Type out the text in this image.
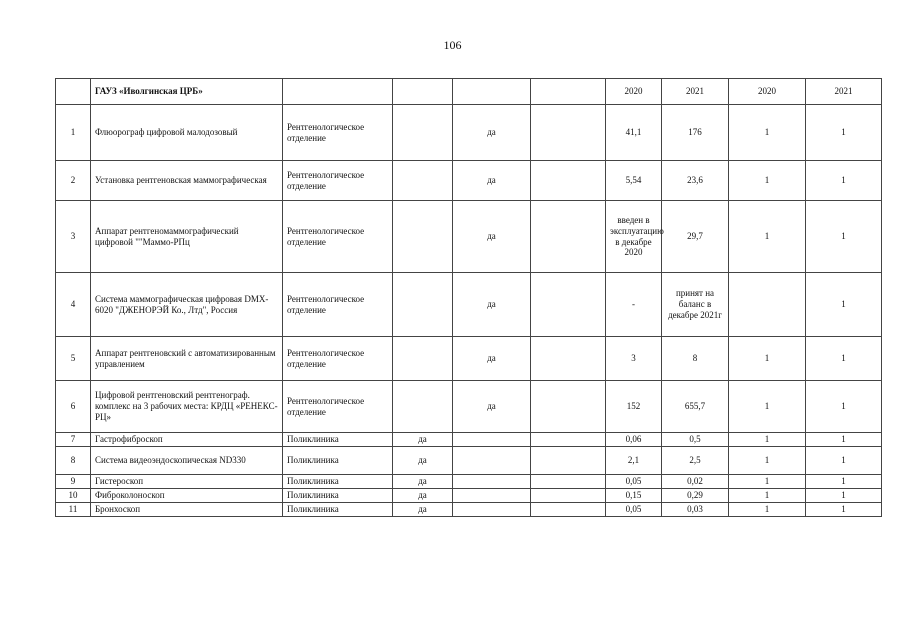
106
	ГАУЗ «Иволгинская ЦРБ»					2020	2021	2020	2021
1	Флюорограф цифровой малодозовый	Рентгенологическое отделение		да		41,1	176	1	1
2	Установка рентгеновская маммографическая	Рентгенологическое отделение		да		5,54	23,6	1	1
3	Аппарат рентгеномаммографический цифровой ""Маммо-РПц	Рентгенологическое отделение		да		введен в эксплуатацию в декабре 2020	29,7	1	1
4	Система маммографическая цифровая DMX-6020 "ДЖЕНОРЭЙ Ко., Лтд", Россия	Рентгенологическое отделение		да		-	принят на баланс в декабре 2021г		1
5	Аппарат рентгеновский с автоматизированным управлением	Рентгенологическое отделение		да		3	8	1	1
6	Цифровой рентгеновский рентгенограф. комплекс на 3 рабочих места: КРДЦ «РЕНЕКС-РЦ»	Рентгенологическое отделение		да		152	655,7	1	1
7	Гастрофиброскоп	Поликлиника	да			0,06	0,5	1	1
8	Система видеоэндоскопическая ND330	Поликлиника	да			2,1	2,5	1	1
9	Гистероскоп	Поликлиника	да			0,05	0,02	1	1
10	Фиброколоноскоп	Поликлиника	да			0,15	0,29	1	1
11	Бронхоскоп	Поликлиника	да			0,05	0,03	1	1
